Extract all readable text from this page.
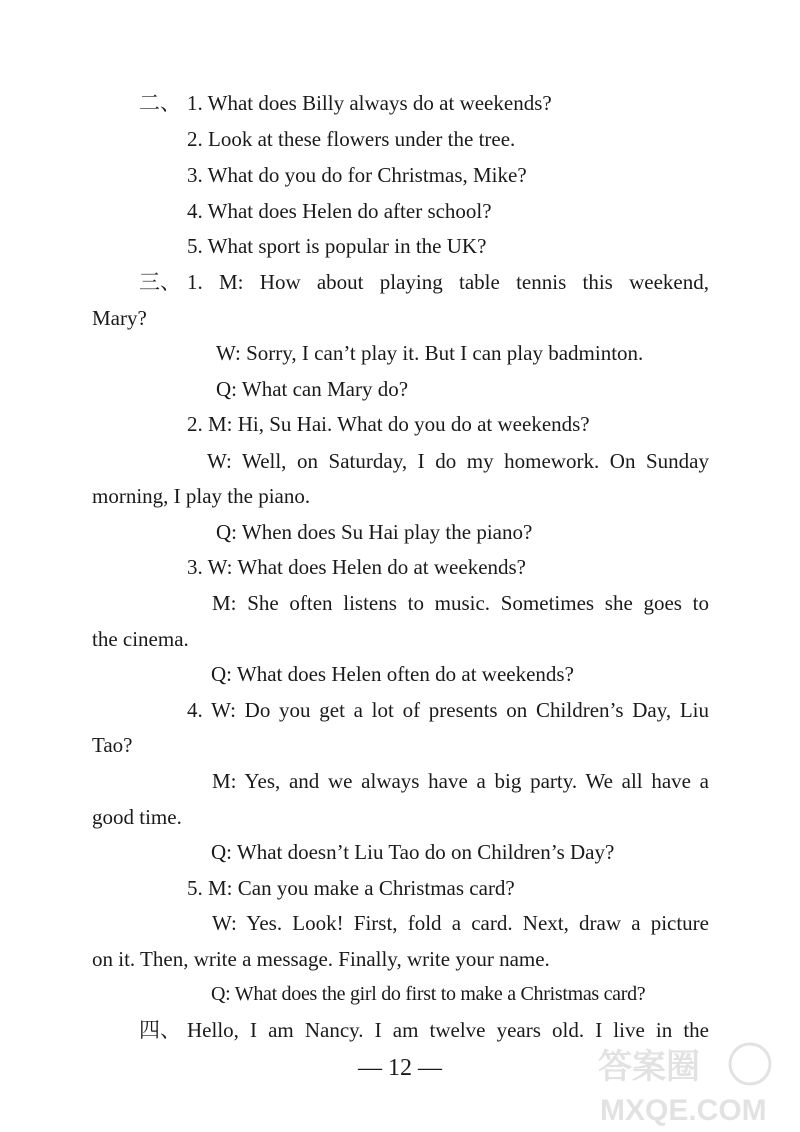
二、 1. What does Billy always do at weekends?
2. Look at these flowers under the tree.
3. What do you do for Christmas, Mike?
4. What does Helen do after school?
5. What sport is popular in the UK?
三、 1. M: How about playing table tennis this weekend,
Mary?
W: Sorry, I can’t play it. But I can play badminton.
Q: What can Mary do?
2. M: Hi, Su Hai. What do you do at weekends?
W: Well, on Saturday, I do my homework. On Sunday
morning, I play the piano.
Q: When does Su Hai play the piano?
3. W: What does Helen do at weekends?
M: She often listens to music. Sometimes she goes to
the cinema.
Q: What does Helen often do at weekends?
4. W: Do you get a lot of presents on Children’s Day, Liu
Tao?
M: Yes, and we always have a big party. We all have a
good time.
Q: What doesn’t Liu Tao do on Children’s Day?
5. M: Can you make a Christmas card?
W: Yes. Look! First, fold a card. Next, draw a picture
on it. Then, write a message. Finally, write your name.
Q: What does the girl do first to make a Christmas card?
四、 Hello, I am Nancy. I am twelve years old. I live in the
— 12 —	答案圈
MXQE.COM
